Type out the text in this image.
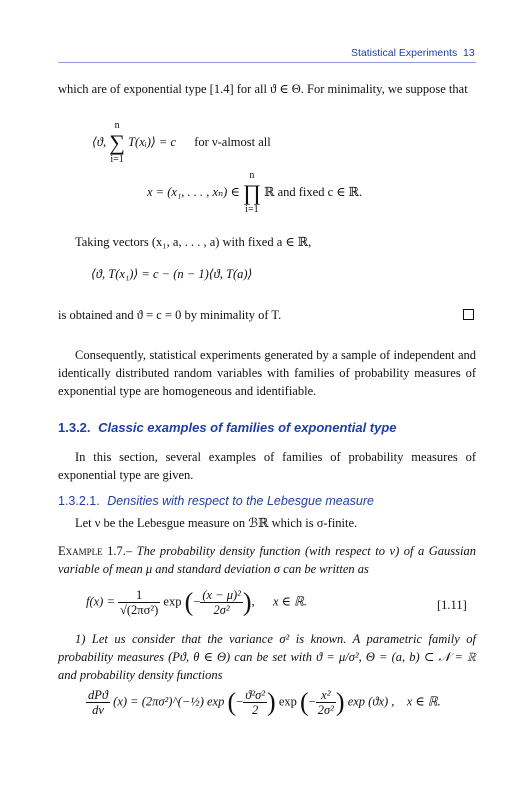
Statistical Experiments 13
which are of exponential type [1.4] for all ϑ ∈ Θ. For minimality, we suppose that
⟨ϑ, n
∑
i=1 T(xᵢ)⟩ = c for ν-almost all
x = (x₁, . . . , xₙ) ∈ n
∏
i=1 ℝ and fixed c ∈ ℝ.
Taking vectors (x₁, a, . . . , a) with fixed a ∈ ℝ,
⟨ϑ, T(x₁)⟩ = c − (n − 1)⟨ϑ, T(a)⟩
is obtained and ϑ = c = 0 by minimality of T.
Consequently, statistical experiments generated by a sample of independent and identically distributed random variables with families of probability measures of exponential type are homogeneous and identifiable.
1.3.2. Classic examples of families of exponential type
In this section, several examples of families of probability measures of exponential type are given.
1.3.2.1. Densities with respect to the Lebesgue measure
Let ν be the Lebesgue measure on ℬℝ which is σ-finite.
Example 1.7.– The probability density function (with respect to ν) of a Gaussian variable of mean μ and standard deviation σ can be written as
$f(x) = \frac{1}{\text{√(2πσ²)}}$ exp (− $\frac{\text{(x − μ)²}}{\text{2σ²}}$ ),  x ∈ ℝ.	[1.11]
1) Let us consider that the variance σ² is known. A parametric family of probability measures (Pϑ, θ ∈ Θ) can be set with ϑ = μ/σ², Θ = (a, b) ⊂ 𝒩 = ℝ and probability density functions
$\frac{\text{dPϑ}}{d\nu} (x)$ = (2πσ²)^(−½) exp (− $\frac{\text{ϑ²σ²}}{2}$ ) exp (− $\frac{\text{x²}}{\text{2σ²}}$ ) exp (ϑx) , x ∈ ℝ.
